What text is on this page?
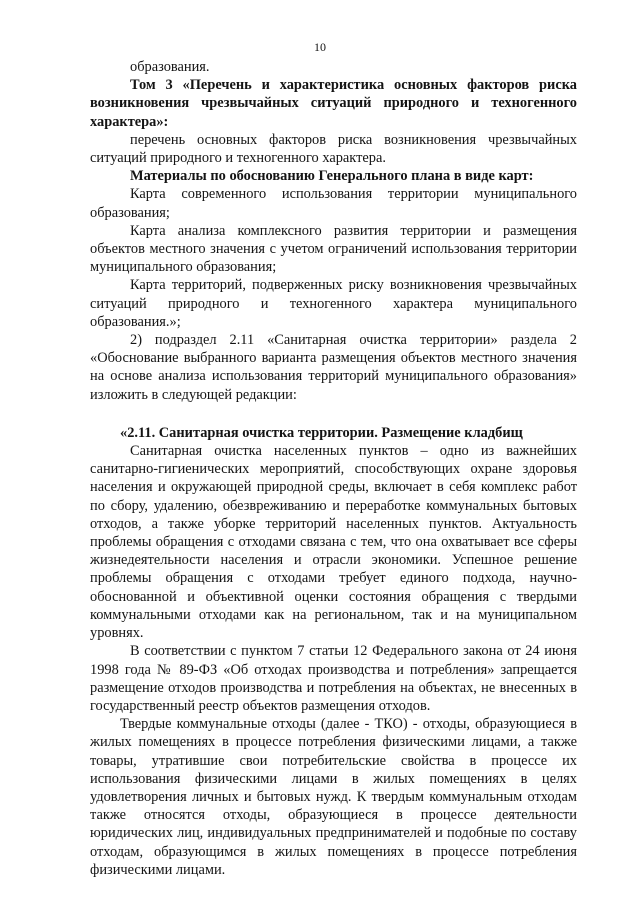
10

образования.

Том 3 «Перечень и характеристика основных факторов риска возникновения чрезвычайных ситуаций природного и техногенного характера»:

перечень основных факторов риска возникновения чрезвычайных ситуаций природного и техногенного характера.

Материалы по обоснованию Генерального плана в виде карт:

Карта современного использования территории муниципального образования;

Карта анализа комплексного развития территории и размещения объектов местного значения с учетом ограничений использования территории муниципального образования;

Карта территорий, подверженных риску возникновения чрезвычайных ситуаций природного и техногенного характера муниципального образования.»;

2) подраздел 2.11 «Санитарная очистка территории» раздела 2 «Обоснование выбранного варианта размещения объектов местного значения на основе анализа использования территорий муниципального образования» изложить в следующей редакции:

«2.11. Санитарная очистка территории. Размещение кладбищ

Санитарная очистка населенных пунктов – одно из важнейших санитарно-гигиенических мероприятий, способствующих охране здоровья населения и окружающей природной среды, включает в себя комплекс работ по сбору, удалению, обезвреживанию и переработке коммунальных бытовых отходов, а также уборке территорий населенных пунктов. Актуальность проблемы обращения с отходами связана с тем, что она охватывает все сферы жизнедеятельности населения и отрасли экономики. Успешное решение проблемы обращения с отходами требует единого подхода, научно-обоснованной и объективной оценки состояния обращения с твердыми коммунальными отходами как на региональном, так и на муниципальном уровнях.

В соответствии с пунктом 7 статьи 12 Федерального закона от 24 июня 1998 года № 89-ФЗ «Об отходах производства и потребления» запрещается размещение отходов производства и потребления на объектах, не внесенных в государственный реестр объектов размещения отходов.

Твердые коммунальные отходы (далее - ТКО) - отходы, образующиеся в жилых помещениях в процессе потребления физическими лицами, а также товары, утратившие свои потребительские свойства в процессе их использования физическими лицами в жилых помещениях в целях удовлетворения личных и бытовых нужд. К твердым коммунальным отходам также относятся отходы, образующиеся в процессе деятельности юридических лиц, индивидуальных предпринимателей и подобные по составу отходам, образующимся в жилых помещениях в процессе потребления физическими лицами.
